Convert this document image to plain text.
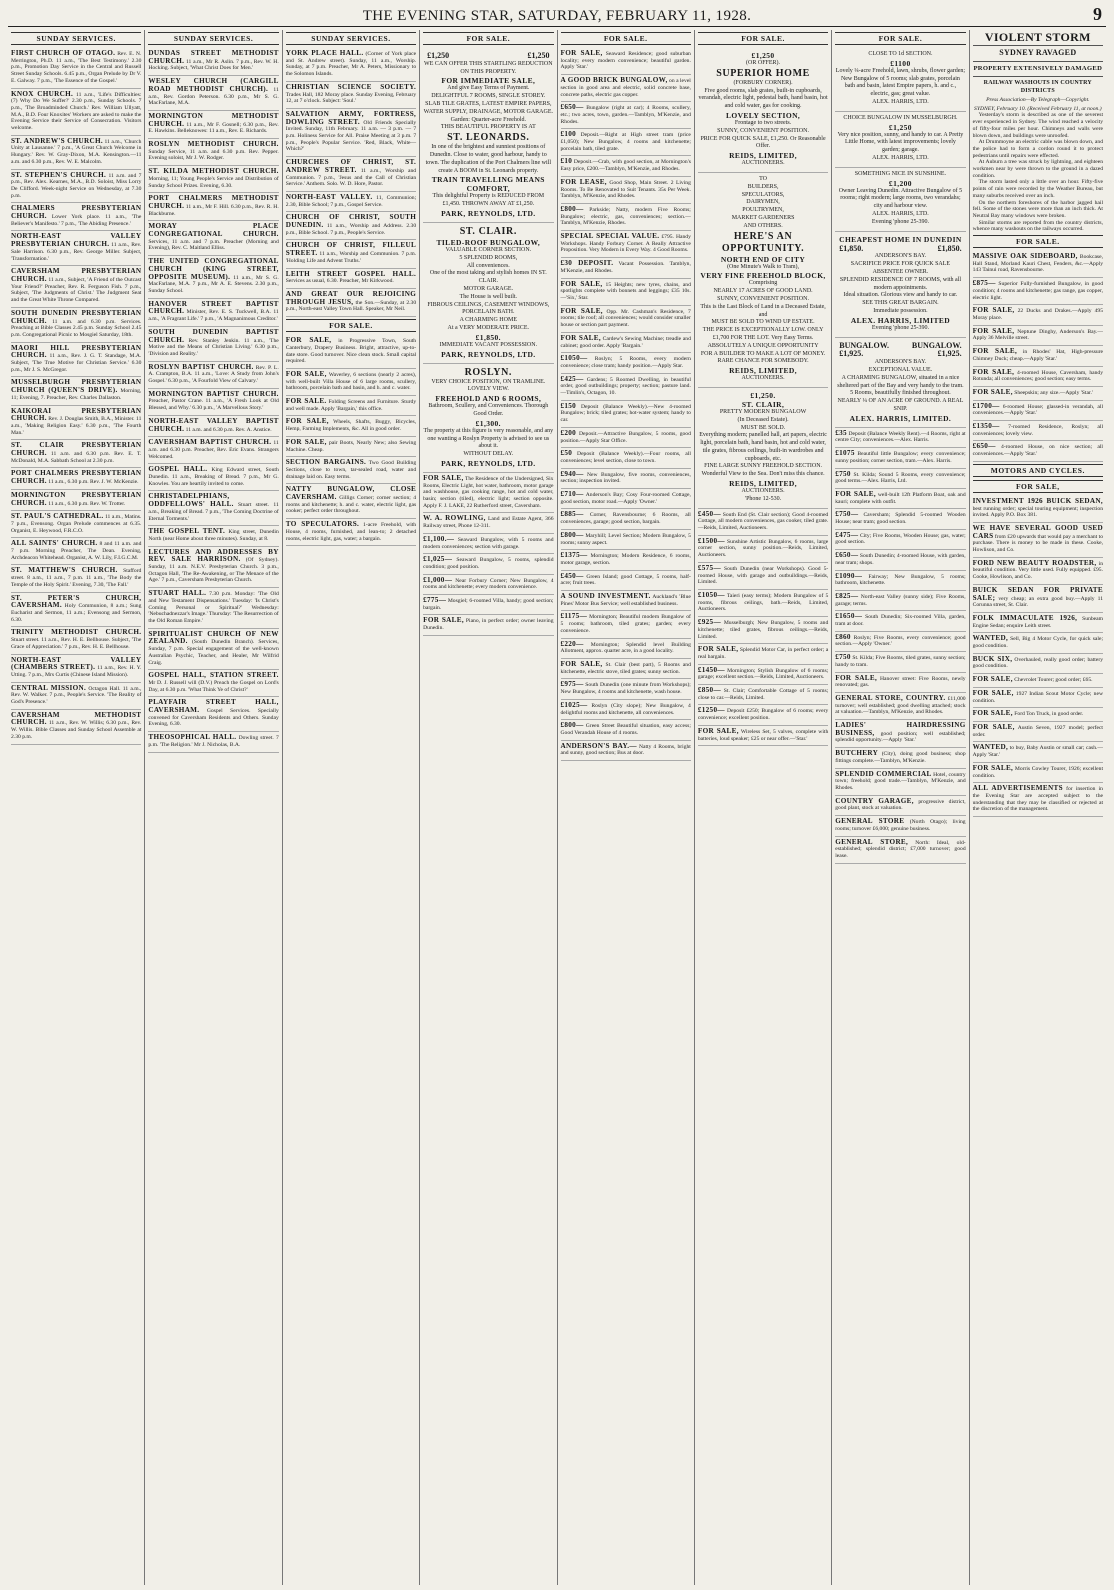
THE EVENING STAR, SATURDAY, FEBRUARY 11, 1928.	9
SUNDAY SERVICES.

FIRST CHURCH OF OTAGO. Rev. E. N. Merrington, Ph.D. 11 a.m., 'The Best Testimony.' 2.30 p.m., Promotion Day Service in the Central and Russell Street Sunday Schools. 6.45 p.m., Organ Prelude by Dr V. E. Galway. 7 p.m., 'The Essence of the Gospel.'

KNOX CHURCH. 11 a.m., 'Life's Difficulties: (7) Why Do We Suffer?' 2.30 p.m., Sunday Schools. 7 p.m., 'The Broadminded Church.' Rev. William Ullyatt, M.A., B.D. Four Knoxites' Workers are asked to make the Evening Service their Service of Consecration. Visitors welcome.

ST. ANDREW'S CHURCH. 11 a.m., 'Church Unity at Lausanne.' 7 p.m., 'A Great Church Welcome in Hungary.' Rev. W. Gray-Dixon, M.A. Kensington.—11 a.m. and 6.30 p.m., Rev. W. E. Malcolm.

ST. STEPHEN'S CHURCH. 11 a.m. and 7 p.m., Rev. Alex. Kearnes, M.A., B.D. Soloist, Miss Lorry De Clifford. Week-night Service on Wednesday, at 7.30 p.m.

CHALMERS PRESBYTERIAN CHURCH. Lower York place. 11 a.m., 'The Believer's Manifesto.' 7 p.m., 'The Abiding Presence.'

NORTH-EAST VALLEY PRESBYTERIAN CHURCH. 11 a.m., Rev. Sale Harrison. 6.30 p.m., Rev. George Miller. Subject, 'Transformation.'

CAVERSHAM PRESBYTERIAN CHURCH. 11 a.m., Subject, 'A Friend of the Outcast Your Friend?' Preacher, Rev. R. Ferguson Fish. 7 p.m., Subject, 'The Judgments of Christ.' The Judgment Seat and the Great White Throne Compared.

SOUTH DUNEDIN PRESBYTERIAN CHURCH. 11 a.m. and 6.30 p.m. Services. Preaching at Bible Classes 2.45 p.m. Sunday School 2.45 p.m. Congregational Picnic to Mosgiel Saturday, 18th.

MAORI HILL PRESBYTERIAN CHURCH. 11 a.m., Rev. J. G. T. Standage, M.A. Subject, 'The True Motive for Christian Service.' 6.30 p.m., Mr J. S. McGregor.

MUSSELBURGH PRESBYTERIAN CHURCH (QUEEN'S DRIVE). Morning, 11; Evening, 7. Preacher, Rev. Charles Dallaston.

KAIKORAI PRESBYTERIAN CHURCH. Rev. J. Douglas Smith, B.A., Minister. 11 a.m., 'Making Religion Easy.' 6.30 p.m., 'The Fourth Man.'

ST. CLAIR PRESBYTERIAN CHURCH. 11 a.m. and 6.30 p.m. Rev. E. T. McDonald, M.A. Sabbath School at 2.30 p.m.

PORT CHALMERS PRESBYTERIAN CHURCH. 11 a.m., 6.30 p.m. Rev. J. W. McKenzie.

MORNINGTON PRESBYTERIAN CHURCH. 11 a.m., 6.30 p.m. Rev. W. Trotter.

ST. PAUL'S CATHEDRAL. 11 a.m., Matins. 7 p.m., Evensong. Organ Prelude commences at 6.35. Organist, E. Heywood, F.R.C.O.

ALL SAINTS' CHURCH. 8 and 11 a.m. and 7 p.m. Morning Preacher, The Dean. Evening, Archdeacon Whitehead. Organist, A. W. Lily, F.I.G.C.M.

ST. MATTHEW'S CHURCH. Stafford street. 8 a.m., 11 a.m., 7 p.m. 11 a.m., 'The Body the Temple of the Holy Spirit.' Evening, 7.30, 'The Fall.'

ST. PETER'S CHURCH, CAVERSHAM. Holy Communion, 8 a.m.; Sung Eucharist and Sermon, 11 a.m.; Evensong and Sermon, 6.30.

TRINITY METHODIST CHURCH. Stuart street. 11 a.m., Rev. H. E. Bellhouse. Subject, 'The Grace of Appreciation.' 7 p.m., Rev. H. E. Bellhouse.

NORTH-EAST VALLEY (CHAMBERS STREET). 11 a.m., Rev. H. Y. Utting. 7 p.m., Mrs Curtis (Chinese Island Mission).

CENTRAL MISSION. Octagon Hall. 11 a.m., Rev. W. Walker. 7 p.m., People's Service. 'The Reality of God's Presence.'

CAVERSHAM METHODIST CHURCH. 11 a.m., Rev. W. Willis; 6.30 p.m., Rev. W. Willis. Bible Classes and Sunday School Assemble at 2.30 p.m.

SUNDAY SERVICES.

DUNDAS STREET METHODIST CHURCH. 11 a.m., Mr R. Aslin. 7 p.m., Rev. W. H. Hocking. Subject, 'What Christ Does for Men.'

WESLEY CHURCH (CARGILL ROAD METHODIST CHURCH). 11 a.m., Rev. Gordon Peterson. 6.30 p.m., Mr S. G. MacFarlane, M.A.

MORNINGTON METHODIST CHURCH. 11 a.m., Mr F. Gosnell; 6.30 p.m., Rev. E. Hawkins. Belleknowes: 11 a.m., Rev. E. Richards.

ROSLYN METHODIST CHURCH. Sunday Service, 11 a.m. and 6.30 p.m. Rev. Pepper. Evening soloist, Mr J. W. Rodger.

ST. KILDA METHODIST CHURCH. Morning, 11; Young People's Service and Distribution of Sunday School Prizes. Evening, 6.30.

PORT CHALMERS METHODIST CHURCH. 11 a.m., Mr F. Hill. 6.30 p.m., Rev. R. H. Blackburne.

MORAY PLACE CONGREGATIONAL CHURCH. Services, 11 a.m. and 7 p.m. Preacher (Morning and Evening), Rev. C. Maitland Elliss.

THE UNITED CONGREGATIONAL CHURCH (KING STREET, OPPOSITE MUSEUM). 11 a.m., Mr S. G. MacFarlane, M.A. 7 p.m., Mr A. E. Stevens. 2.30 p.m., Sunday School.

HANOVER STREET BAPTIST CHURCH. Minister, Rev. E. S. Tuckwell, B.A. 11 a.m., 'A Fragrant Life.' 7 p.m., 'A Magnanimous Creditor.'

SOUTH DUNEDIN BAPTIST CHURCH. Rev. Stanley Jenkin. 11 a.m., 'The Motive and the Means of Christian Living.' 6.30 p.m., 'Division and Reality.'

ROSLYN BAPTIST CHURCH. Rev. P. L. A. Crampton, B.A. 11 a.m., 'Love: A Study from John's Gospel.' 6.30 p.m., 'A Fourfold View of Calvary.'

MORNINGTON BAPTIST CHURCH. Preacher, Pastor Crane. 11 a.m., 'A Fresh Look at Old Blessed, and Why.' 6.30 p.m., 'A Marvellous Story.'

NORTH-EAST VALLEY BAPTIST CHURCH. 11 a.m. and 6.30 p.m. Rev. A. Anstice.

CAVERSHAM BAPTIST CHURCH. 11 a.m. and 6.30 p.m. Preacher, Rev. Eric Evans. Strangers Welcomed.

GOSPEL HALL. King Edward street, South Dunedin. 11 a.m., Breaking of Bread. 7 p.m., Mr G. Knowles. You are heartily invited to come.

CHRISTADELPHIANS, ODDFELLOWS' HALL. Stuart street. 11 a.m., Breaking of Bread. 7 p.m., 'The Coming Doctrine of Eternal Torments.'

THE GOSPEL TENT. King street, Dunedin North (near Home about three minutes). Sunday, at 8.

LECTURES AND ADDRESSES BY REV. SALE HARRISON. (Of Sydney). Sunday, 11 a.m. N.E.V. Presbyterian Church. 3 p.m., Octagon Hall, 'The Re-Awakening, or The Menace of the Age.' 7 p.m., Caversham Presbyterian Church.

STUART HALL. 7.30 p.m. Monday: 'The Old and New Testament Dispensations.' Tuesday: 'Is Christ's Coming Personal or Spiritual?' Wednesday: 'Nebuchadnezzar's Image.' Thursday: 'The Resurrection of the Old Roman Empire.'

SPIRITUALIST CHURCH OF NEW ZEALAND. (South Dunedin Branch). Services, Sunday, 7 p.m. Special engagement of the well-known Australian Psychic, Teacher, and Healer, Mr Wilfrid Craig.

GOSPEL HALL, STATION STREET. Mr D. J. Russell will (D.V.) Preach the Gospel on Lord's Day, at 6.30 p.m. 'What Think Ye of Christ?'

PLAYFAIR STREET HALL, CAVERSHAM. Gospel Services. Specially convened for Caversham Residents and Others. Sunday Evening, 6.30.

THEOSOPHICAL HALL. Dowling street. 7 p.m. 'The Religion.' Mr J. Nicholas, B.A.

SUNDAY SERVICES.

YORK PLACE HALL. (Corner of York place and St. Andrew street). Sunday, 11 a.m., Worship. Sunday, at 7 p.m. Preacher, Mr A. Peters, Missionary to the Solomon Islands.

CHRISTIAN SCIENCE SOCIETY. Trades Hall, 182 Moray place. Sunday Evening, February 12, at 7 o'clock. Subject: 'Soul.'

SALVATION ARMY, FORTRESS, DOWLING STREET. Old Friends Specially Invited. Sunday, 11th February. 11 a.m. — 3 p.m. — 7 p.m. Holiness Service for All. Praise Meeting at 3 p.m. 7 p.m., People's Popular Service. 'Red, Black, White—Which?'

CHURCHES OF CHRIST, ST. ANDREW STREET. 11 a.m., Worship and Communion. 7 p.m., 'Jesus and the Call of Christian Service.' Anthem. Solo. W. D. Hore, Pastor.

NORTH-EAST VALLEY. 11, Communion; 2.30, Bible School; 7 p.m., Gospel Service.

CHURCH OF CHRIST, SOUTH DUNEDIN. 11 a.m., Worship and Address. 2.30 p.m., Bible School. 7 p.m., People's Service.

CHURCH OF CHRIST, FILLEUL STREET. 11 a.m., Worship and Communion. 7 p.m. 'Holding Life and Advent Truths.'

LEITH STREET GOSPEL HALL. Services as usual, 6.30. Preacher, Mr Kirkwood.

AND GREAT OUR REJOICING THROUGH JESUS, the Son.—Sunday, at 2.30 p.m., North-east Valley Town Hall. Speaker, Mr Neil.

FOR SALE.

FOR SALE, in Progressive Town, South Canterbury, Drapery Business. Bright, attractive, up-to-date store. Good turnover. Nice clean stock. Small capital required.

FOR SALE, Waverley, 6 sections (nearly 2 acres), with well-built Villa House of 6 large rooms, scullery, bathroom, porcelain bath and basin, and h. and c. water.

FOR SALE. Folding Screens and Furniture. Sturdy and well made. Apply 'Bargain,' this office.

FOR SALE, Wheels, Shafts, Buggy, Bicycles, Hemp, Farming Implements, &c. All in good order.

FOR SALE, pair Boots, Nearly New; also Sewing Machine. Cheap.

SECTION BARGAINS. Two Good Building Sections, close to town, tar-sealed road, water and drainage laid on. Easy terms.

NATTY BUNGALOW, CLOSE CAVERSHAM. Gilligs Corner; corner section; 4 rooms and kitchenette; h. and c. water, electric light, gas cooker; perfect order throughout.

TO SPECULATORS. 1-acre Freehold, with House, 4 rooms, furnished, and lean-to; 2 detached rooms, electric light, gas, water; a bargain.

FOR SALE.
£1,250	£1,250
WE CAN OFFER THIS STARTLING REDUCTION ON THIS PROPERTY.
FOR IMMEDIATE SALE,
And give Easy Terms of Payment.
DELIGHTFUL 7 ROOMS, SINGLE STOREY.
SLAB TILE GRATES, LATEST EMPIRE PAPERS, WATER SUPPLY, DRAINAGE, MOTOR GARAGE.
Garden: Quarter-acre Freehold.
THIS BEAUTIFUL PROPERTY IS AT
ST. LEONARDS.
In one of the brightest and sunniest positions of Dunedin. Close to water, good harbour, handy to town. The duplication of the Port Chalmers line will create A BOOM in St. Leonards property.
TRAIN TRAVELLING MEANS COMFORT,
This delightful Property is REDUCED FROM £1,450. THROWN AWAY AT £1,250.
PARK, REYNOLDS, LTD.
ST. CLAIR.
TILED-ROOF BUNGALOW,
VALUABLE CORNER SECTION.
5 SPLENDID ROOMS,
All conveniences.
One of the most taking and stylish homes IN ST. CLAIR.
MOTOR GARAGE.
The House is well built.
FIBROUS CEILINGS, CASEMENT WINDOWS, PORCELAIN BATH.
A CHARMING HOME
At a VERY MODERATE PRICE.
£1,850.
IMMEDIATE VACANT POSSESSION.
PARK, REYNOLDS, LTD.
ROSLYN.
VERY CHOICE POSITION, ON TRAMLINE. LOVELY VIEW.
FREEHOLD AND 6 ROOMS,
Bathroom, Scullery, and Conveniences. Thorough Good Order.
£1,300.
The property at this figure is very reasonable, and any one wanting a Roslyn Property is advised to see us about it.
WITHOUT DELAY.
PARK, REYNOLDS, LTD.

FOR SALE, The Residence of the Undersigned, Six Rooms, Electric Light, hot water, bathroom, motor garage and washhouse, gas cooking range, hot and cold water, basin; section (tiled), electric light; section opposite. Apply F. J. LAKE, 22 Rutherford street, Caversham.

W. A. ROWLING, Land and Estate Agent, 366 Railway street, Phone 12-311.

£1,100.— Seaward Bungalow, with 5 rooms and modern conveniences; section with garage.

£1,025— Seaward Bungalow, 5 rooms, splendid condition; good position.

£1,000— Near Forbury Corner; New Bungalow, 4 rooms and kitchenette; every modern convenience.

£775— Mosgiel; 6-roomed Villa, handy; good section; bargain.

FOR SALE, Piano, in perfect order; owner leaving Dunedin.

FOR SALE.

FOR SALE, Seaward Residence; good suburban locality; every modern convenience; beautiful garden. Apply 'Star.'

A GOOD BRICK BUNGALOW, on a level section in good area and electric, solid concrete base, concrete paths, electric gas copper.

£650— Bungalow (right at car); 4 Rooms, scullery, etc.; two acres, town, garden.—Tamblyn, M'Kenzie, and Rhodes.

£100 Deposit.—Right at High street tram (price £1,050); New Bungalow, 4 rooms and kitchenette; porcelain bath, tiled grate.

£10 Deposit.—Crab, with good section, at Mornington's Easy price, £200.—Tamblyn, M'Kenzie, and Rhodes.

FOR LEASE, Good Shop, Main Street. 2 Living Rooms. To Be Renovated to Suit Tenants. 35s Per Week. Tamblyn, M'Kenzie, and Rhodes.

£800— Parkside; Natty, modern Five Rooms; Bungalow; electric, gas, conveniences; section.—Tamblyn, M'Kenzie, Rhodes.

SPECIAL SPECIAL VALUE. £795. Handy Workshops. Handy Forbury Corner. A Really Attractive Proposition. Very Modern in Every Way. 4 Good Rooms.

£30 DEPOSIT. Vacant Possession. Tamblyn, M'Kenzie, and Rhodes.

FOR SALE, 15 Heights; new tyres, chains, and spotlights complete with bonnets and leggings; £35 10s.—'Six,' Star.

FOR SALE, Opp. Mr. Cashman's Residence, 7 rooms; tile roof; all conveniences; would consider smaller house or section part payment.

FOR SALE, Cardew's Sewing Machine; treadle and cabinet; good order. Apply 'Bargain.'

£1050— Roslyn; 5 Rooms, every modern convenience; close tram; handy position.—Apply Star.

£425— Gardens; 5 Roomed Dwelling, in beautiful order, good outbuildings; property; section; pasture land.—Timlin's, Octagon, 10.

£150 Deposit (Balance Weekly).—New 4-roomed Bungalow; brick; tiled grates; hot-water system; handy to car.

£200 Deposit.—Attractive Bungalow, 5 rooms, good position.—Apply Star Office.

£50 Deposit (Balance Weekly).—Four rooms, all conveniences; level section, close to town.

£940— New Bungalow, five rooms, conveniences, section; inspection invited.

£710— Anderson's Bay; Cosy Four-roomed Cottage, good section, motor road.—Apply 'Owner.'

£885— Corner, Ravensbourne; 6 Rooms, all conveniences, garage; good section, bargain.

£800— Maryhill; Level Section; Modern Bungalow, 5 rooms; sunny aspect.

£1375— Mornington; Modern Residence, 6 rooms, motor garage, section.

£450— Green Island; good Cottage, 5 rooms, half-acre; fruit trees.

A SOUND INVESTMENT. Auckland's 'Blue Pines' Motor Bus Service; well established business.

£1175— Mornington; Beautiful modern Bungalow of 5 rooms; bathroom, tiled grates; garden; every convenience.

£220— Mornington; Splendid level Building Allotment, approx. quarter acre, in a good locality.

FOR SALE, St. Clair (best part), 5 Rooms and kitchenette, electric stove, tiled grates; sunny section.

£975— South Dunedin (one minute from Workshops); New Bungalow, 4 rooms and kitchenette, wash house.

£1025— Roslyn (City slope); New Bungalow, 4 delightful rooms and kitchenette, all conveniences.

£800— Green Street Beautiful situation, easy access; Good Verandah House of 4 rooms.

ANDERSON'S BAY.— Natty 4 Rooms, bright and sunny, good section; Bus at door.

FOR SALE.
£1,250
(OR OFFER).
SUPERIOR HOME
(FORBURY CORNER).
Five good rooms, slab grates, built-in cupboards, verandah, electric light, pedestal bath, hand basin, hot and cold water, gas for cooking.
LOVELY SECTION,
Frontage to two streets.
SUNNY, CONVENIENT POSITION.
PRICE FOR QUICK SALE, £1,250. Or Reasonable Offer.
REIDS, LIMITED,
AUCTIONEERS.
TO
BUILDERS,
SPECULATORS,
DAIRYMEN,
POULTRYMEN,
MARKET GARDENERS
AND OTHERS.
HERE'S AN OPPORTUNITY.
NORTH END OF CITY
(One Minute's Walk to Tram),
VERY FINE FREEHOLD BLOCK,
Comprising
NEARLY 17 ACRES OF GOOD LAND.
SUNNY, CONVENIENT POSITION.
This is the Last Block of Land in a Deceased Estate, and
MUST BE SOLD TO WIND UP ESTATE.
THE PRICE IS EXCEPTIONALLY LOW. ONLY £1,700 FOR THE LOT. Very Easy Terms.
ABSOLUTELY A UNIQUE OPPORTUNITY
FOR A BUILDER TO MAKE A LOT OF MONEY.
RARE CHANCE FOR SOMEBODY.
REIDS, LIMITED,
AUCTIONEERS.
£1,250.
ST. CLAIR,
PRETTY MODERN BUNGALOW
(In Deceased Estate).
MUST BE SOLD.
Everything modern; panelled hall, art papers, electric light, porcelain bath, hand basin, hot and cold water, tile grates, fibrous ceilings, built-in wardrobes and cupboards, etc.
FINE LARGE SUNNY FREEHOLD SECTION.
Wonderful View to the Sea. Don't miss this chance.
REIDS, LIMITED,
AUCTIONEERS.
'Phone 12-530.

£450— South End (St. Clair section); Good 4-roomed Cottage, all modern conveniences, gas cooker, tiled grate.—Reids, Limited, Auctioneers.

£1500— Sunshine Artistic Bungalow, 6 rooms, large corner section, sunny position.—Reids, Limited, Auctioneers.

£575— South Dunedin (near Workshops). Good 5-roomed House, with garage and outbuildings.—Reids, Limited.

£1050— Taieri (easy terms); Modern Bungalow of 5 rooms, fibrous ceilings, bath.—Reids, Limited, Auctioneers.

£925— Musselburgh; New Bungalow, 5 rooms and kitchenette; tiled grates, fibrous ceilings.—Reids, Limited.

FOR SALE, Splendid Motor Car, in perfect order; a real bargain.

£1450— Mornington; Stylish Bungalow of 6 rooms; garage; excellent section.—Reids, Limited, Auctioneers.

£850— St. Clair; Comfortable Cottage of 5 rooms; close to car.—Reids, Limited.

£1250— Deposit £250; Bungalow of 6 rooms; every convenience; excellent position.

FOR SALE, Wireless Set, 5 valves, complete with batteries, loud speaker; £25 or near offer.—'Star.'

FOR SALE.
CLOSE TO 1d SECTION.
£1100
Lovely ¼-acre Freehold, lawn, shrubs, flower garden; New Bungalow of 5 rooms; slab grates, porcelain bath and basin, latest Empire papers, h. and c., electric, gas; great value.
ALEX. HARRIS, LTD.
CHOICE BUNGALOW IN MUSSELBURGH.
£1,250
Very nice position, sunny, and handy to car. A Pretty Little Home, with latest improvements; lovely garden; garage.
ALEX. HARRIS, LTD.
SOMETHING NICE IN SUNSHINE.
£1,200
Owner Leaving Dunedin. Attractive Bungalow of 5 rooms; right modern; large rooms, two verandahs; city and harbour view.
ALEX. HARRIS, LTD.
Evening 'phone 25-390.
CHEAPEST HOME IN DUNEDIN
£1,850.	£1,850.
ANDERSON'S BAY.
SACRIFICE PRICE FOR QUICK SALE
ABSENTEE OWNER.
SPLENDID RESIDENCE OF 7 ROOMS, with all modern appointments.
Ideal situation. Glorious view and handy to car.
SEE THIS GREAT BARGAIN.
Immediate possession.
ALEX. HARRIS, LIMITED
Evening 'phone 25-390.
BUNGALOW.	BUNGALOW.
£1,925.	£1,925.
ANDERSON'S BAY.
EXCEPTIONAL VALUE.
A CHARMING BUNGALOW, situated in a nice sheltered part of the Bay and very handy to the tram. 5 Rooms, beautifully finished throughout.
NEARLY ¼ OF AN ACRE OF GROUND. A REAL SNIP.
ALEX. HARRIS, LIMITED.

£35 Deposit (Balance Weekly Rent).—4 Rooms, right at centre City; conveniences.—Alex. Harris.

£1075 Beautiful little Bungalow; every convenience; sunny position; corner section, tram.—Alex. Harris.

£750 St. Kilda; Sound 5 Rooms, every convenience; good terms.—Alex. Harris, Ltd.

FOR SALE, well-built 12ft Platform Boat, oak and kauri; complete with outfit.

£750— Caversham; Splendid 5-roomed Wooden House; near tram; good section.

£475— City; Five Rooms, Wooden House; gas, water; good section.

£650— South Dunedin; 4-roomed House, with garden, near tram; shops.

£1090— Fairway; New Bungalow, 5 rooms; bathroom, kitchenette.

£825— North-east Valley (sunny side); Five Rooms, garage; terms.

£1650— South Dunedin; Six-roomed Villa, garden, tram at door.

£860 Roslyn; Five Rooms, every convenience; good section.—Apply 'Owner.'

£750 St. Kilda; Five Rooms, tiled grates, sunny section; handy to tram.

FOR SALE, Hanover street: Five Rooms, newly renovated; gas.

GENERAL STORE, COUNTRY. £11,000 turnover; well established; good dwelling attached; stock at valuation.—Tamblyn, M'Kenzie, and Rhodes.

LADIES' HAIRDRESSING BUSINESS, good position; well established; splendid opportunity.—Apply 'Star.'

BUTCHERY (City), doing good business; shop fittings complete.—Tamblyn, M'Kenzie.

SPLENDID COMMERCIAL Hotel, country town; freehold; good trade.—Tamblyn, M'Kenzie, and Rhodes.

COUNTRY GARAGE, progressive district, good plant, stock at valuation.

GENERAL STORE (North Otago); living rooms; turnover £6,000; genuine business.

GENERAL STORE, North: Ideal, old-established; splendid district; £7,000 turnover; good lease.

VIOLENT STORM
SYDNEY RAVAGED
PROPERTY EXTENSIVELY DAMAGED
RAILWAY WASHOUTS IN COUNTRY DISTRICTS
Press Association—By Telegraph—Copyright.
SYDNEY, February 10. (Received February 11, at noon.)

Yesterday's storm is described as one of the severest ever experienced in Sydney. The wind reached a velocity of fifty-four miles per hour. Chimneys and walls were blown down, and buildings were unroofed.

At Drummoyne an electric cable was blown down, and the police had to form a cordon round it to protect pedestrians until repairs were effected.

At Auburn a tree was struck by lightning, and eighteen workmen near by were thrown to the ground in a dazed condition.

The storm lasted only a little over an hour. Fifty-five points of rain were recorded by the Weather Bureau, but many suburbs received over an inch.

On the northern foreshores of the harbor jagged hail fell. Some of the stones were more than an inch thick. At Neutral Bay many windows were broken.

Similar storms are reported from the country districts, whence many washouts on the railways occurred.

FOR SALE.

MASSIVE OAK SIDEBOARD, Bookcase, Hall Stand, Morland Kauri Chest, Fenders, &c.—Apply 143 Tainui road, Ravensbourne.

£875— Superior Fully-furnished Bungalow, in good condition; 4 rooms and kitchenette; gas range, gas copper, electric light.

FOR SALE, 22 Ducks and Drakes.—Apply 495 Moray place.

FOR SALE, Neptune Dinghy, Anderson's Bay.—Apply 36 Melville street.

FOR SALE, in Rhodes' Hat, High-pressure Chimney Duck; cheap.—Apply 'Star.'

FOR SALE, 4-roomed House, Caversham, handy Rotunda; all conveniences; good section; easy terms.

FOR SALE, Sheepskin; any size.—Apply 'Star.'

£1700— 6-roomed House; glassed-in verandah, all conveniences.—Apply 'Star.'

£1350— 7-roomed Residence, Roslyn; all conveniences; lovely view.

£650— 4-roomed House, on nice section; all conveniences.—Apply 'Star.'

MOTORS AND CYCLES.
FOR SALE,

INVESTMENT 1926 BUICK SEDAN, best running order; special touring equipment; inspection invited. Apply P.O. Box 381.

WE HAVE SEVERAL GOOD USED CARS from £20 upwards that would pay a merchant to purchase. There is money to be made in these. Cooke, Howlison, and Co.

FORD NEW BEAUTY ROADSTER, in beautiful condition. Very little used. Fully equipped. £95. Cooke, Howlison, and Co.

BUICK SEDAN FOR PRIVATE SALE; very cheap; an extra good buy.—Apply 11 Corunna street, St. Clair.

FOLK IMMACULATE 1926, Sunbeam Engine Sedan; enquire Leith street.

WANTED, Sell, Big 4 Motor Cycle, for quick sale; good condition.

BUCK SIX, Overhauled, really good order; battery good condition.

FOR SALE, Chevrolet Tourer; good order; £65.

FOR SALE, 1927 Indian Scout Motor Cycle; new condition.

FOR SALE, Ford Ton Truck, in good order.

FOR SALE, Austin Seven, 1927 model; perfect order.

WANTED, to buy, Baby Austin or small car; cash.—Apply 'Star.'

FOR SALE, Morris Cowley Tourer, 1926; excellent condition.

ALL ADVERTISEMENTS for insertion in the Evening Star are accepted subject to the understanding that they may be classified or rejected at the discretion of the management.
